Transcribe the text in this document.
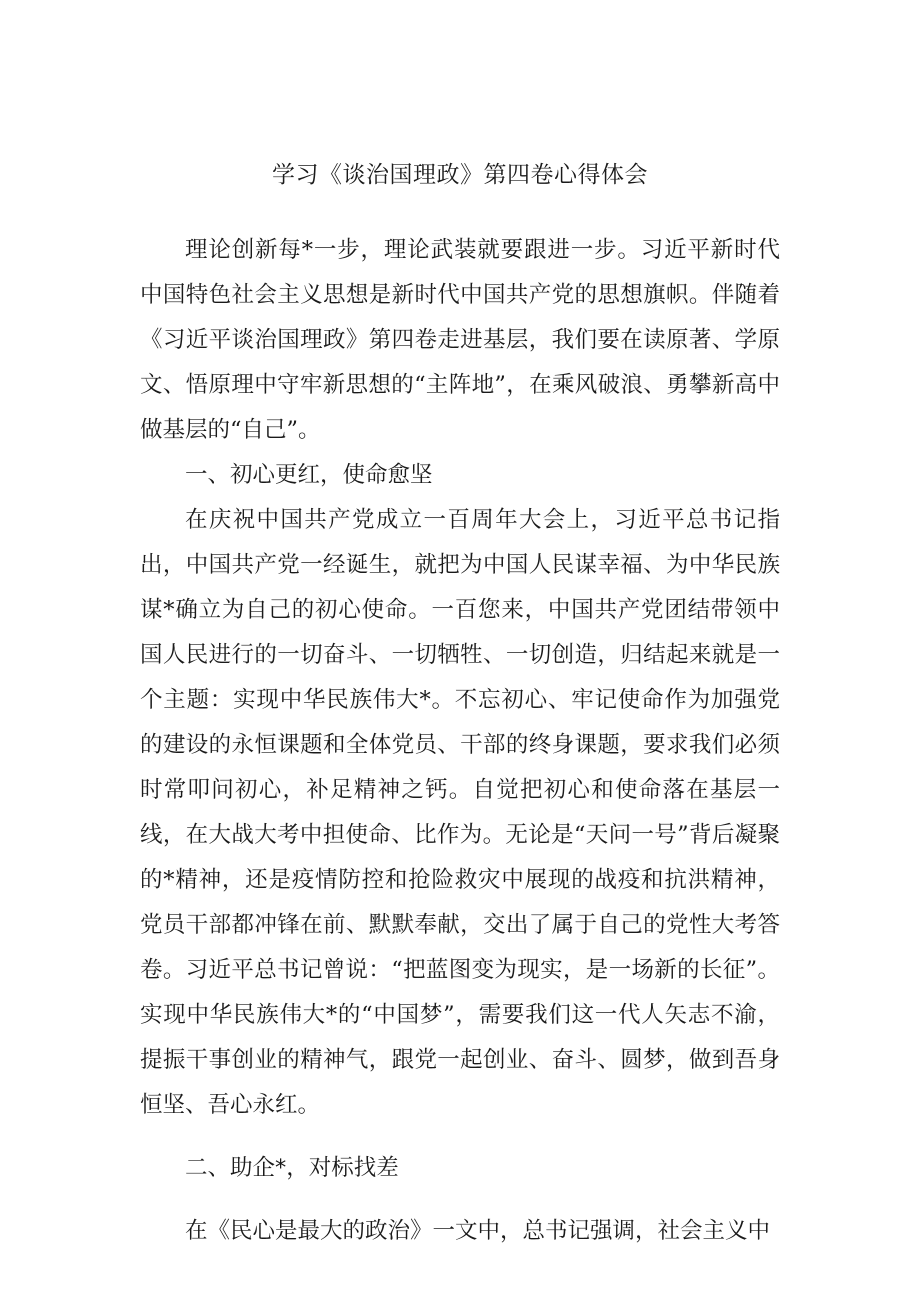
学习《谈治国理政》第四卷心得体会

理论创新每*一步，理论武装就要跟进一步。习近平新时代中国特色社会主义思想是新时代中国共产党的思想旗帜。伴随着《习近平谈治国理政》第四卷走进基层，我们要在读原著、学原文、悟原理中守牢新思想的“主阵地”，在乘风破浪、勇攀新高中做基层的“自己”。

一、初心更红，使命愈坚

在庆祝中国共产党成立一百周年大会上，习近平总书记指出，中国共产党一经诞生，就把为中国人民谋幸福、为中华民族谋*确立为自己的初心使命。一百您来，中国共产党团结带领中国人民进行的一切奋斗、一切牺牲、一切创造，归结起来就是一个主题：实现中华民族伟大*。不忘初心、牢记使命作为加强党的建设的永恒课题和全体党员、干部的终身课题，要求我们必须时常叩问初心，补足精神之钙。自觉把初心和使命落在基层一线，在大战大考中担使命、比作为。无论是“天问一号”背后凝聚的*精神，还是疫情防控和抢险救灾中展现的战疫和抗洪精神，党员干部都冲锋在前、默默奉献，交出了属于自己的党性大考答卷。习近平总书记曾说：“把蓝图变为现实，是一场新的长征”。实现中华民族伟大*的“中国梦”，需要我们这一代人矢志不渝，提振干事创业的精神气，跟党一起创业、奋斗、圆梦，做到吾身恒坚、吾心永红。

二、助企*，对标找差

在《民心是最大的政治》一文中，总书记强调，社会主义中
